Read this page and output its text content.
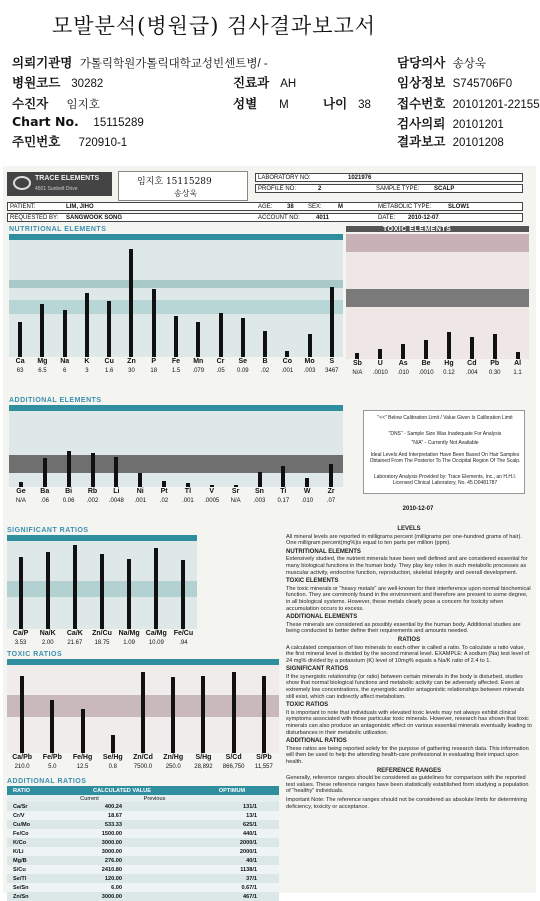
모발분석(병원급) 검사결과보고서
의뢰기관명 가톨릭학원가톨릭대학교성빈센트병/ -	담당의사 송상욱
병원코드 30282	진료과 AH	임상정보 S745706F0
수진자 임지호	성별 M	나이 38 접수번호 20101201-22155
Chart No. 15115289	검사의뢰 20101201
주민번호 720910-1	결과보고 20101208
TRACE ELEMENTS
4501 Sunbelt Drive
임지호 15115289
송상욱
LABORATORY NO:	1021976
PROFILE NO:	2	SAMPLE TYPE: SCALP
PATIENT:	LIM, JIHO	AGE: 38 SEX:	M	METABOLIC TYPE:	SLOW1
REQUESTED BY: SANGWOOK SONG	ACCOUNT NO:	4011	DATE: 2010-12-07
NUTRITIONAL ELEMENTS
Ca
63
Mg
6.5
Na
6
K
3
Cu
1.6
Zn
30
P
18
Fe
1.5
Mn
.079
Cr
.05
Se
0.09
B
.02
Co
.001
Mo
.003
S
3467
TOXIC ELEMENTS
Sb
N/A
U
.0010
As
.010
Be
.0010
Hg
0.12
Cd
.004
Pb
0.30
Al
1.1
ADDITIONAL ELEMENTS
Ge
N/A
Ba
.06
Bi
0.06
Rb
.002
Li
.0048
Ni
.001
Pt
.02
Tl
.001
V
.0005
Sr
N/A
Sn
.003
Ti
0.17
W
.010
Zr
.07
"<<" Below Calibration Limit / Value Given Is Calibration Limit
"DNS" - Sample Size Was Inadequate For Analysis
"N/A" - Currently Not Available
Ideal Levels And Interpretation Have Been Based On Hair Samples Obtained From The Posterior To The Occipital Region Of The Scalp.
Laboratory Analysis Provided by: Trace Elements, Inc., an H.H.I. Licensed Clinical Laboratory, No. 45 D0481787
2010-12-07
SIGNIFICANT RATIOS
Ca/P
3.53
Na/K
2.00
Ca/K
21.67
Zn/Cu
18.75
Na/Mg
1.09
Ca/Mg
10.09
Fe/Cu
.94
TOXIC RATIOS
Ca/Pb
210.0
Fe/Pb
5.0
Fe/Hg
12.5
Se/Hg
0.8
Zn/Cd
7500.0
Zn/Hg
250.0
S/Hg
28,892
S/Cd
866,750
S/Pb
11,557
ADDITIONAL RATIOS
RATIO	CALCULATED VALUE	OPTIMUM
Current	Previous
Ca/Sr	400.24	131/1
Cr/V	18.67	13/1
Cu/Mo	533.33	625/1
Fe/Co	1500.00	440/1
K/Co	3000.00	2000/1
K/Li	3000.00	2000/1
Mg/B	276.00	40/1
S/Cu	2410.80	1138/1
Se/Tl	120.00	37/1
Se/Sn	6.00	0.67/1
Zn/Sn	3000.00	467/1
LEVELS
All mineral levels are reported in milligrams percent (milligrams per one-hundred grams of hair). One milligram percent(mg%)is equal to ten parts per million (ppm).
NUTRITIONAL ELEMENTS
Extensively studied, the nutrient minerals have been well defined and are considered essential for many biological functions in the human body. They play key roles in such metabolic processes as muscular activity, endocrine function, reproduction, skeletal integrity and overall development.
TOXIC ELEMENTS
The toxic minerals or "heavy metals" are well-known for their interference upon normal biochemical function. They are commonly found in the environment and therefore are present to some degree, in all biological systems. However, these metals clearly pose a concern for toxicity when accumulation occurs to excess.
ADDITIONAL ELEMENTS
These minerals are considered as possibly essential by the human body. Additional studies are being conducted to better define their requirements and amounts needed.
RATIOS
A calculated comparison of two minerals to each other is called a ratio. To calculate a ratio value, the first mineral level is divided by the second mineral level. EXAMPLE: A sodium (Na) test level of 24 mg% divided by a potassium (K) level of 10mg% equals a Na/K ratio of 2.4 to 1.
SIGNIFICANT RATIOS
If the synergistic relationship (or ratio) between certain minerals in the body is disturbed, studies show that normal biological functions and metabolic activity can be adversely affected. Even at extremely low concentrations, the synergistic and/or antagonistic relationships between minerals still exist, which can indirectly affect metabolism.
TOXIC RATIOS
It is important to note that individuals with elevated toxic levels may not always exhibit clinical symptoms associated with those particular toxic minerals. However, research has shown that toxic minerals can also produce an antagonistic effect on various essential minerals eventually leading to disturbances in their metabolic utilization.
ADDITIONAL RATIOS
These ratios are being reported solely for the purpose of gathering research data. This information will then be used to help the attending health-care professional in evaluating their impact upon health.
REFERENCE RANGES
Generally, reference ranges should be considered as guidelines for comparison with the reported test values. These reference ranges have been statistically established form studying a population of "healthy" individuals.
Important Note: The reference ranges should not be considered as absolute limits for determining deficiency, toxicity or acceptance.
